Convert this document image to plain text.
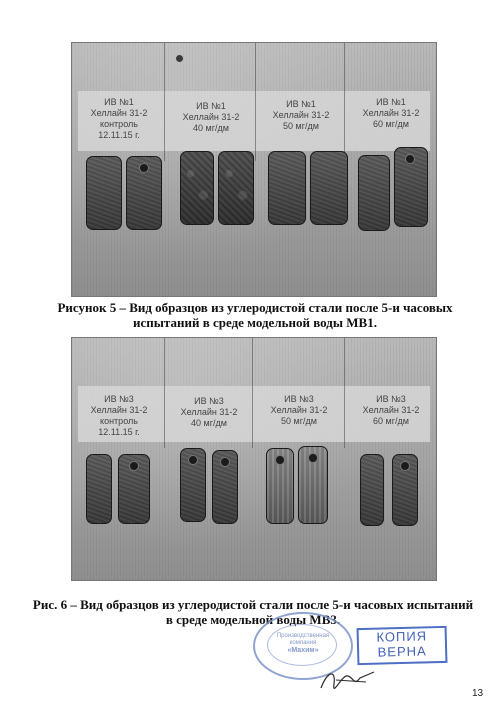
ИВ №1
Хеллайн 31-2
контроль
12.11.15 г.
ИВ №1
Хеллайн 31-2
40 мг/дм
ИВ №1
Хеллайн 31-2
50 мг/дм
ИВ №1
Хеллайн 31-2
60 мг/дм
Рисунок 5 – Вид образцов из углеродистой стали после 5-и часовых
испытаний в среде модельной воды МВ1.
ИВ №3
Хеллайн 31-2
контроль
12.11.15 г.
ИВ №3
Хеллайн 31-2
40 мг/дм
ИВ №3
Хеллайн 31-2
50 мг/дм
ИВ №3
Хеллайн 31-2
60 мг/дм
Рис. 6 – Вид образцов из углеродистой стали после 5-и часовых испытаний
в среде модельной воды МВ3.
Производственная
компания
«Махим»
КОПИЯ
ВЕРНА
13
